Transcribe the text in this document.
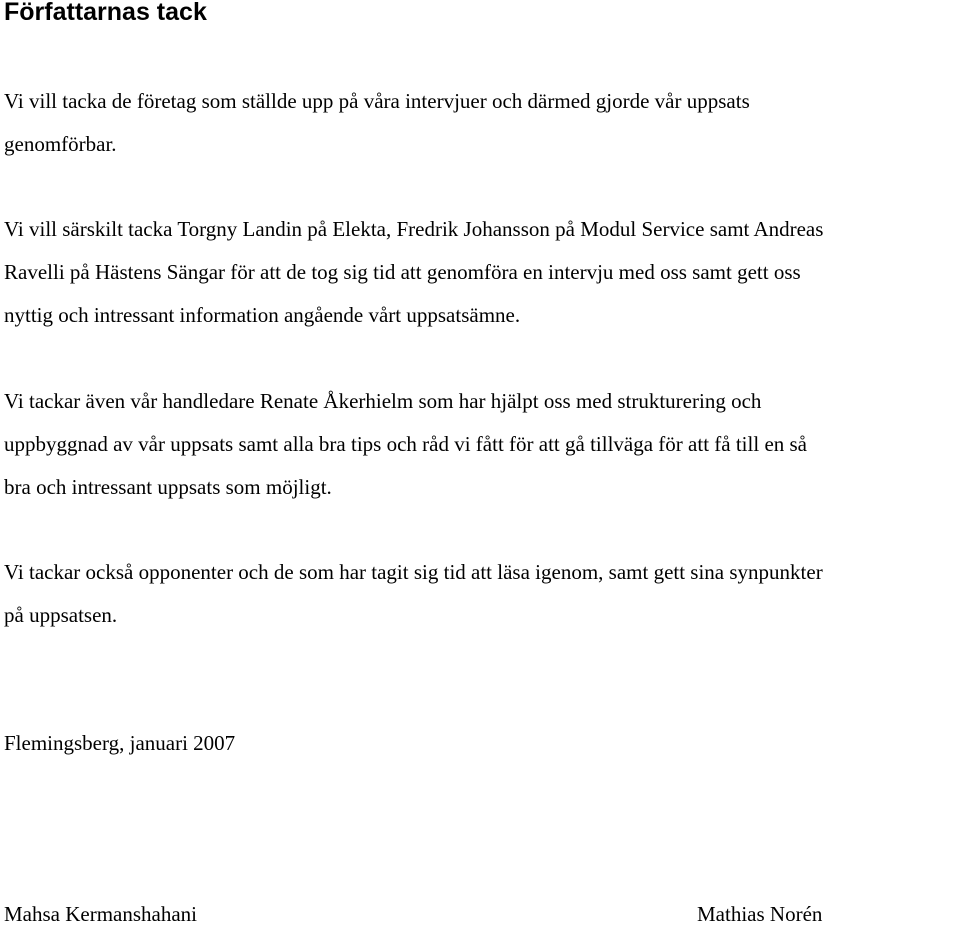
Författarnas tack

Vi vill tacka de företag som ställde upp på våra intervjuer och därmed gjorde vår uppsats
genomförbar.

Vi vill särskilt tacka Torgny Landin på Elekta, Fredrik Johansson på Modul Service samt Andreas
Ravelli på Hästens Sängar för att de tog sig tid att genomföra en intervju med oss samt gett oss
nyttig och intressant information angående vårt uppsatsämne.

Vi tackar även vår handledare Renate Åkerhielm som har hjälpt oss med strukturering och
uppbyggnad av vår uppsats samt alla bra tips och råd vi fått för att gå tillväga för att få till en så
bra och intressant uppsats som möjligt.

Vi tackar också opponenter och de som har tagit sig tid att läsa igenom, samt gett sina synpunkter
på uppsatsen.

Flemingsberg, januari 2007

Mahsa Kermanshahani	Mathias Norén
